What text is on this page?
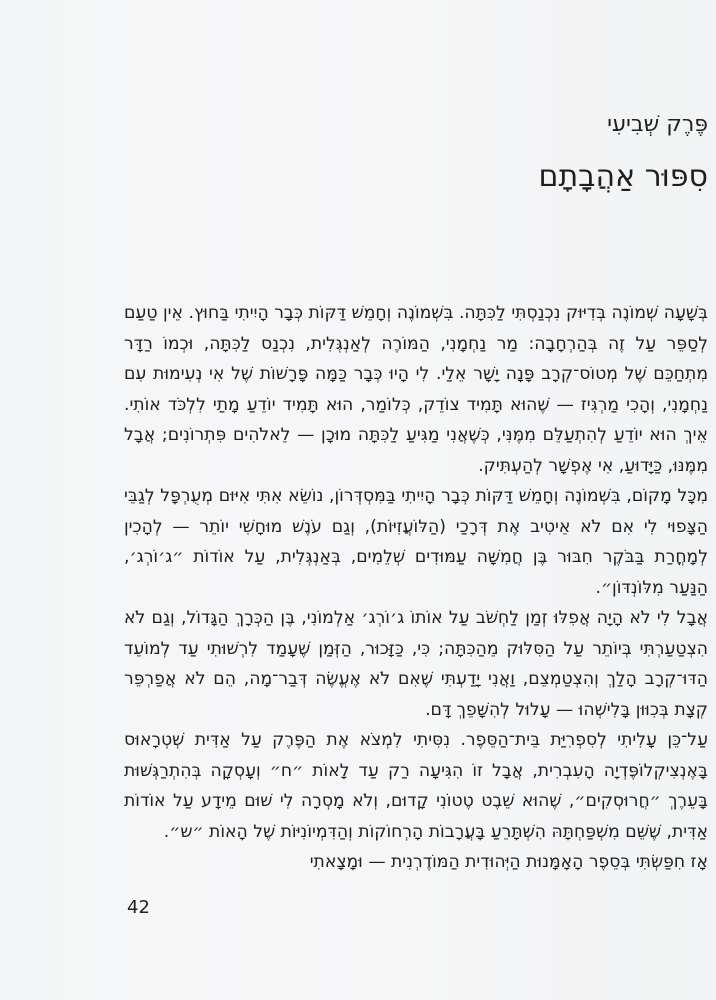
פֶּרֶק שְׁבִיעִי
סִפּוּר אַהֲבָתָם

בְּשָׁעָה שְׁמוֹנֶה בְּדִיּוּק נִכְנַסְתִּי לַכִּתָּה. בִּשְׁמוֹנֶה וְחָמֵשׁ דַּקּוֹת כְּבָר הָיִיתִי בַּחוּץ. אֵין טַעַם לְסַפֵּר עַל זֶה בְּהַרְחָבָה: מַר נַחְמָנִי, הַמּוֹרֶה לְאַנְגְּלִית, נִכְנַס לַכִּתָּה, וּכְמוֹ רַדָּר מִתְחַכֵּם שֶׁל מְטוֹס־קְרָב פָּנָה יָשָׁר אֵלַי. לִי הָיוּ כְּבָר כַּמָּה פָּרָשׁוֹת שֶׁל אִי נְעִימוּת עִם נַחְמָנִי, וְהָכִי מַרְגִּיז — שֶׁהוּא תָּמִיד צוֹדֵק, כְּלוֹמַר, הוּא תָּמִיד יוֹדֵעַ מָתַי לִלְכֹּד אוֹתִי. אֵיךְ הוּא יוֹדֵעַ לְהִתְעַלֵּם מִמֶּנִּי, כְּשֶׁאֲנִי מַגִּיעַ לַכִּתָּה מוּכָן — לֵאלֹהִים פִּתְרוֹנִים; אֲבָל מִמֶּנּוּ, כַּיָּדוּעַ, אִי אֶפְשָׁר לְהַעְתִּיק.

מִכָּל מָקוֹם, בִּשְׁמוֹנֶה וְחָמֵשׁ דַּקּוֹת כְּבָר הָיִיתִי בַּמִּסְדְּרוֹן, נוֹשֵׂא אִתִּי אִיּוּם מְעֻרְפָּל לְגַבֵּי הַצָּפוּי לִי אִם לֹא אֵיטִיב אֶת דְּרָכַי (הַלּוֹעֲזִיּוֹת), וְגַם עֹנֶשׁ מוּחָשִׁי יוֹתֵר — לְהָכִין לְמָחֳרַת בַּבֹּקֶר חִבּוּר בֶּן חֲמִשָּׁה עַמּוּדִים שְׁלֵמִים, בְּאַנְגְּלִית, עַל אוֹדוֹת ״ג׳וֹרְג׳, הַנַּעַר מִלּוֹנְדּוֹן״.

אֲבָל לִי לֹא הָיָה אֲפִלּוּ זְמַן לַחְשֹׁב עַל אוֹתוֹ ג׳וֹרְג׳ אַלְמוֹנִי, בֶּן הַכְּרָךְ הַגָּדוֹל, וְגַם לֹא הִצְטַעַרְתִּי בְּיוֹתֵר עַל הַסִּלּוּק מֵהַכִּתָּה; כִּי, כַּזָּכוּר, הַזְּמַן שֶׁעָמַד לִרְשׁוּתִי עַד לְמוֹעֵד הַדּוּ־קְרָב הָלַךְ וְהִצְטַמְצֵם, וַאֲנִי יָדַעְתִּי שֶׁאִם לֹא אֶעֱשֶׂה דְּבַר־מָה, הֵם לֹא אֲפַרְפֵּר קְצָת בְּכִוּוּן בָּלִישְׁהוּ — עָלוּל לְהִשָּׁפֵךְ דָּם.

עַל־כֵּן עָלִיתִי לְסִפְרִיַּת בֵּית־הַסֵּפֶר. נִסִּיתִי לִמְצֹא אֶת הַפֶּרֶק עַל אַדִּית שְׁטְרָאוּס בָּאֶנְצִיקְלוֹפֶּדְיָה הָעִבְרִית, אֲבָל זוֹ הִגִּיעָה רַק עַד לָאוֹת ״ח״ וְעָסְקָה בְּהִתְרַגְּשׁוּת בָּעֵרֶךְ ״חֲרוּסְקִים״, שֶׁהוּא שֵׁבֶט טֶטוֹנִי קָדוּם, וְלֹא מָסְרָה לִי שׁוּם מֵידָע עַל אוֹדוֹת אַדִּית, שֶׁשֵּׁם מִשְׁפַּחְתָּהּ הִשְׁתָּרֵעַ בָּעֲרָבוֹת הָרְחוֹקוֹת וְהַדִּמְיוֹנִיּוֹת שֶׁל הָאוֹת ״ש״.

אָז חִפַּשְׂתִּי בְּסֵפֶר הָאָמָּנוּת הַיְּהוּדִית הַמּוֹדֶרְנִית — וּמָצָאתִי

42
